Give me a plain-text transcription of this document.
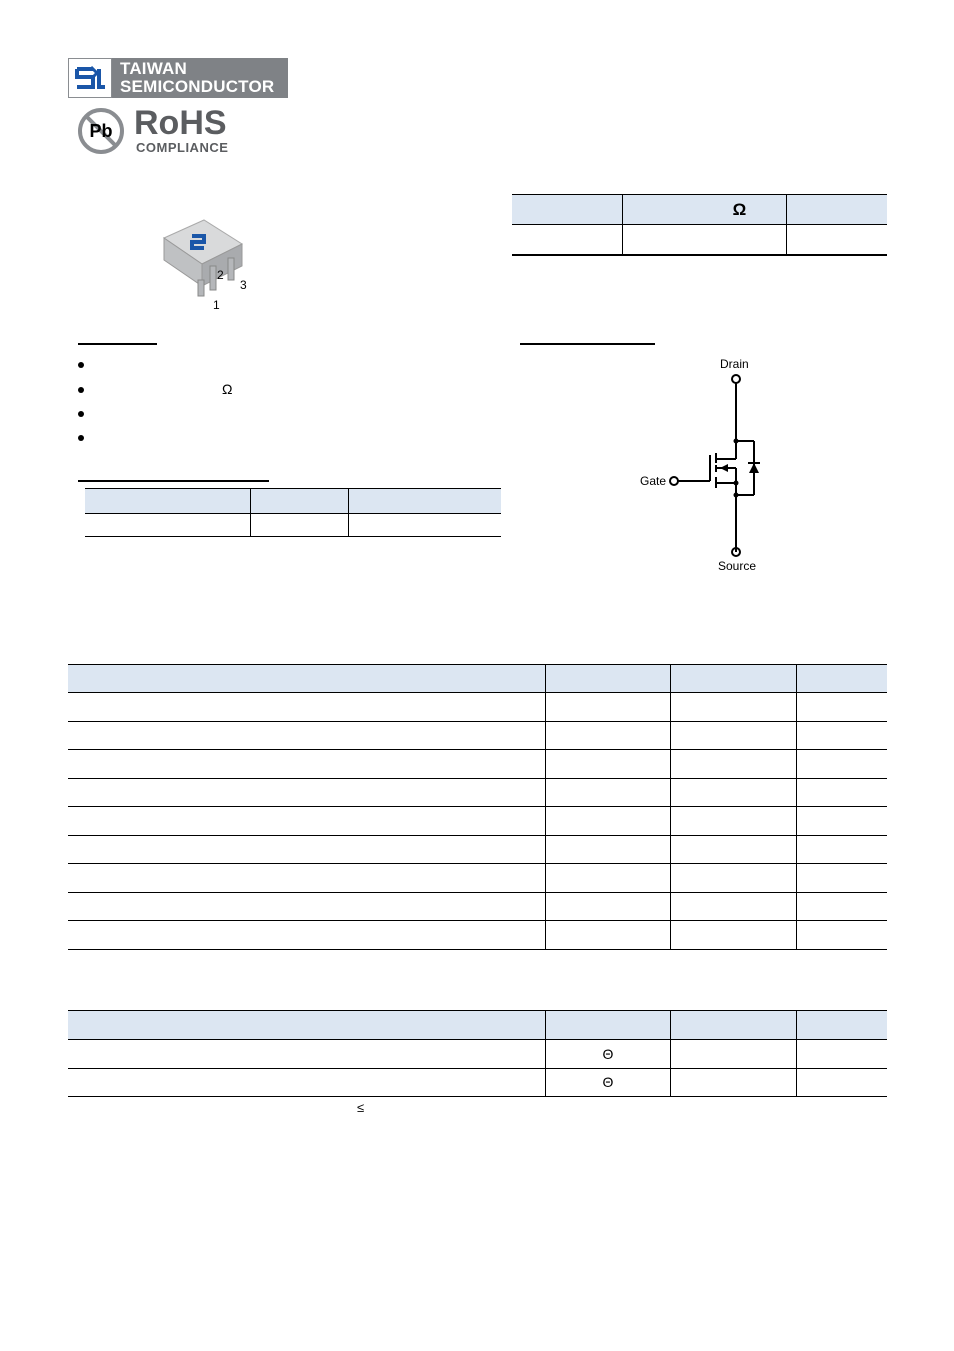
TAIWAN
SEMICONDUCTOR
Pb RoHS
COMPLIANCE
2
3
1
	Ω	

Ω

Drain
Gate
Source

	Θ		
	Θ		
≤
